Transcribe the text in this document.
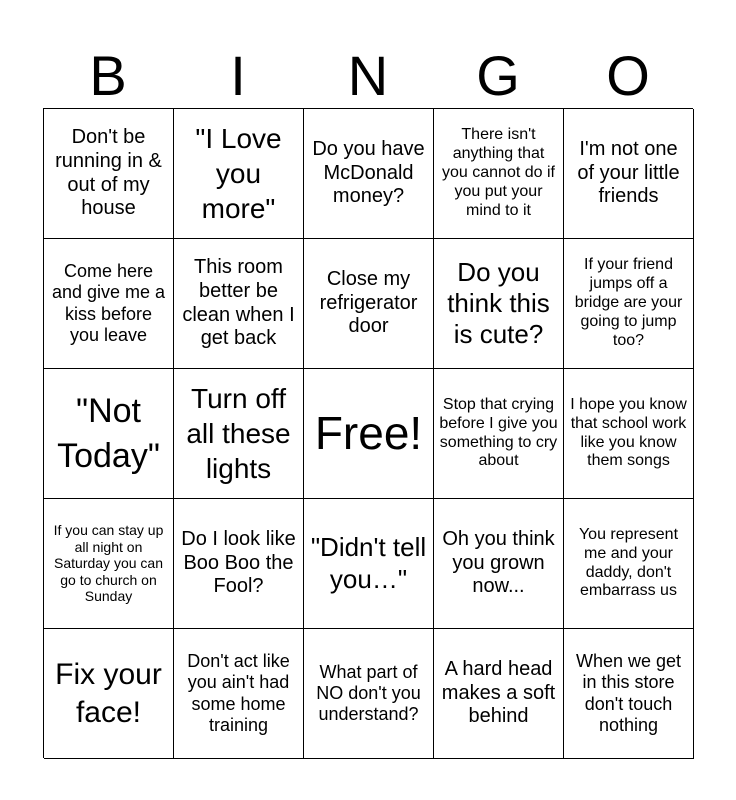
B	I	N	G	O
Don't be running in & out of my house
"I Love you more"
Do you have McDonald money?
There isn't anything that you cannot do if you put your mind to it
I'm not one of your little friends
Come here and give me a kiss before you leave
This room better be clean when I get back
Close my refrigerator door
Do you think this is cute?
If your friend jumps off a bridge are your going to jump too?
"Not Today"
Turn off all these lights
Free!
Stop that crying before I give you something to cry about
I hope you know that school work like you know them songs
If you can stay up all night on Saturday you can go to church on Sunday
Do I look like Boo Boo the Fool?
"Didn't tell you…"
Oh you think you grown now...
You represent me and your daddy, don't embarrass us
Fix your face!
Don't act like you ain't had some home training
What part of NO don't you understand?
A hard head makes a soft behind
When we get in this store don't touch nothing
